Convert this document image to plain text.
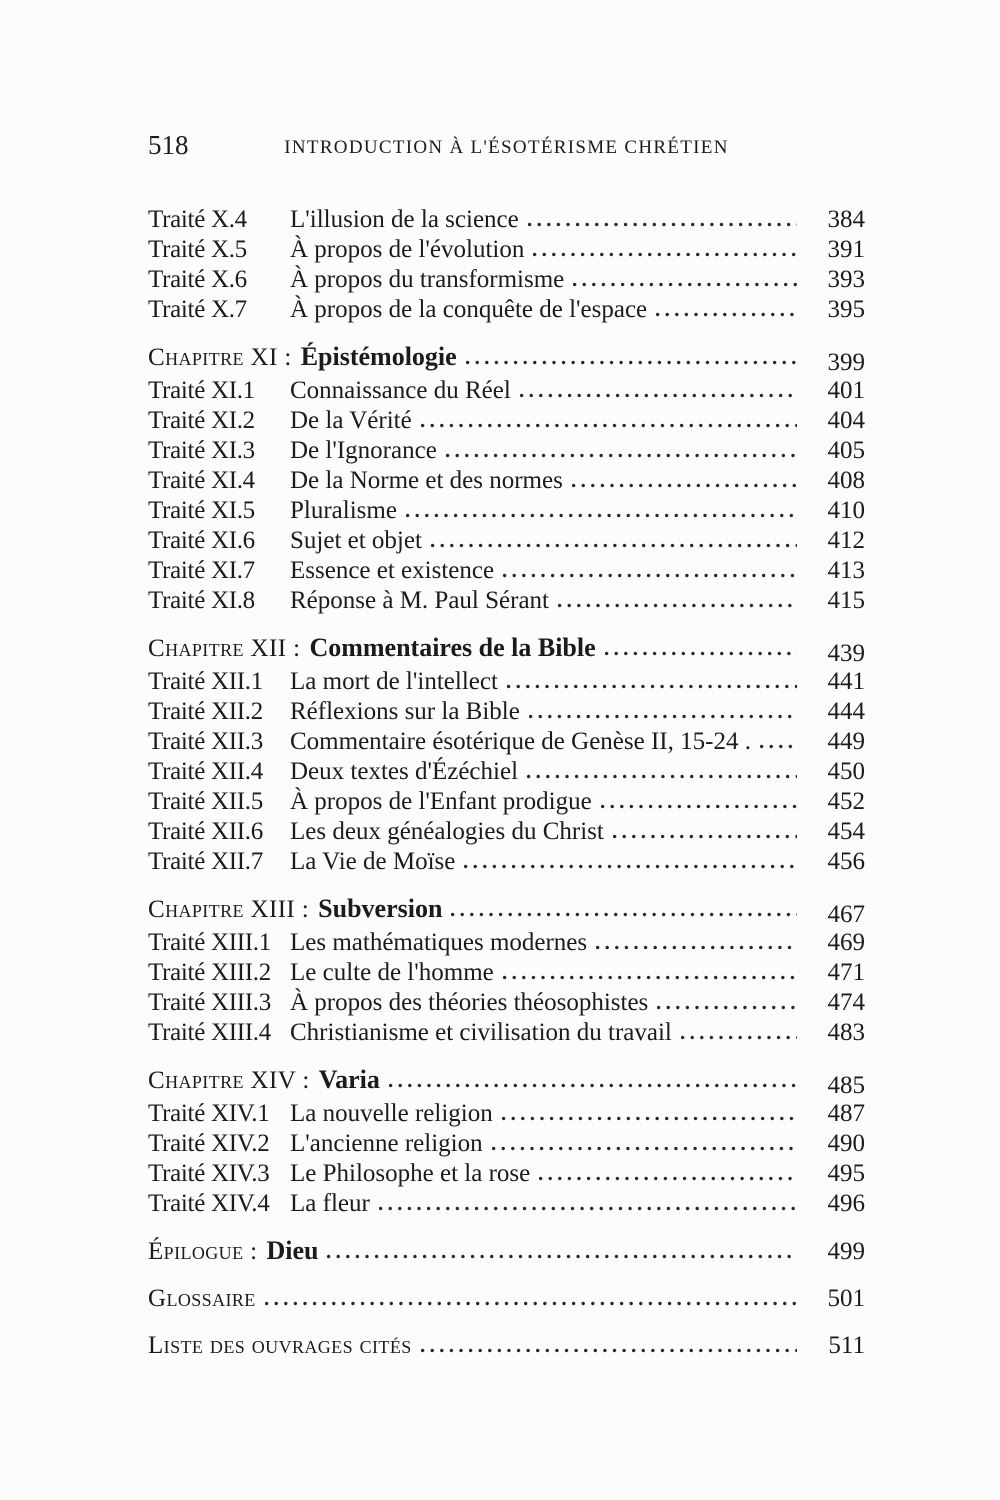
518	INTRODUCTION À L'ÉSOTÉRISME CHRÉTIEN
Traité X.4	L'illusion de la science	384
Traité X.5	À propos de l'évolution	391
Traité X.6	À propos du transformisme	393
Traité X.7	À propos de la conquête de l'espace	395
Chapitre XI : Épistémologie	399
Traité XI.1	Connaissance du Réel	401
Traité XI.2	De la Vérité	404
Traité XI.3	De l'Ignorance	405
Traité XI.4	De la Norme et des normes	408
Traité XI.5	Pluralisme	410
Traité XI.6	Sujet et objet	412
Traité XI.7	Essence et existence	413
Traité XI.8	Réponse à M. Paul Sérant	415
Chapitre XII : Commentaires de la Bible	439
Traité XII.1	La mort de l'intellect	441
Traité XII.2	Réflexions sur la Bible	444
Traité XII.3	Commentaire ésotérique de Genèse II, 15-24 .	449
Traité XII.4	Deux textes d'Ézéchiel	450
Traité XII.5	À propos de l'Enfant prodigue	452
Traité XII.6	Les deux généalogies du Christ	454
Traité XII.7	La Vie de Moïse	456
Chapitre XIII : Subversion	467
Traité XIII.1 Les mathématiques modernes	469
Traité XIII.2 Le culte de l'homme	471
Traité XIII.3 À propos des théories théosophistes	474
Traité XIII.4 Christianisme et civilisation du travail	483
Chapitre XIV : Varia	485
Traité XIV.1 La nouvelle religion	487
Traité XIV.2 L'ancienne religion	490
Traité XIV.3 Le Philosophe et la rose	495
Traité XIV.4 La fleur	496
Épilogue : Dieu	499
Glossaire	501
Liste des ouvrages cités	511
